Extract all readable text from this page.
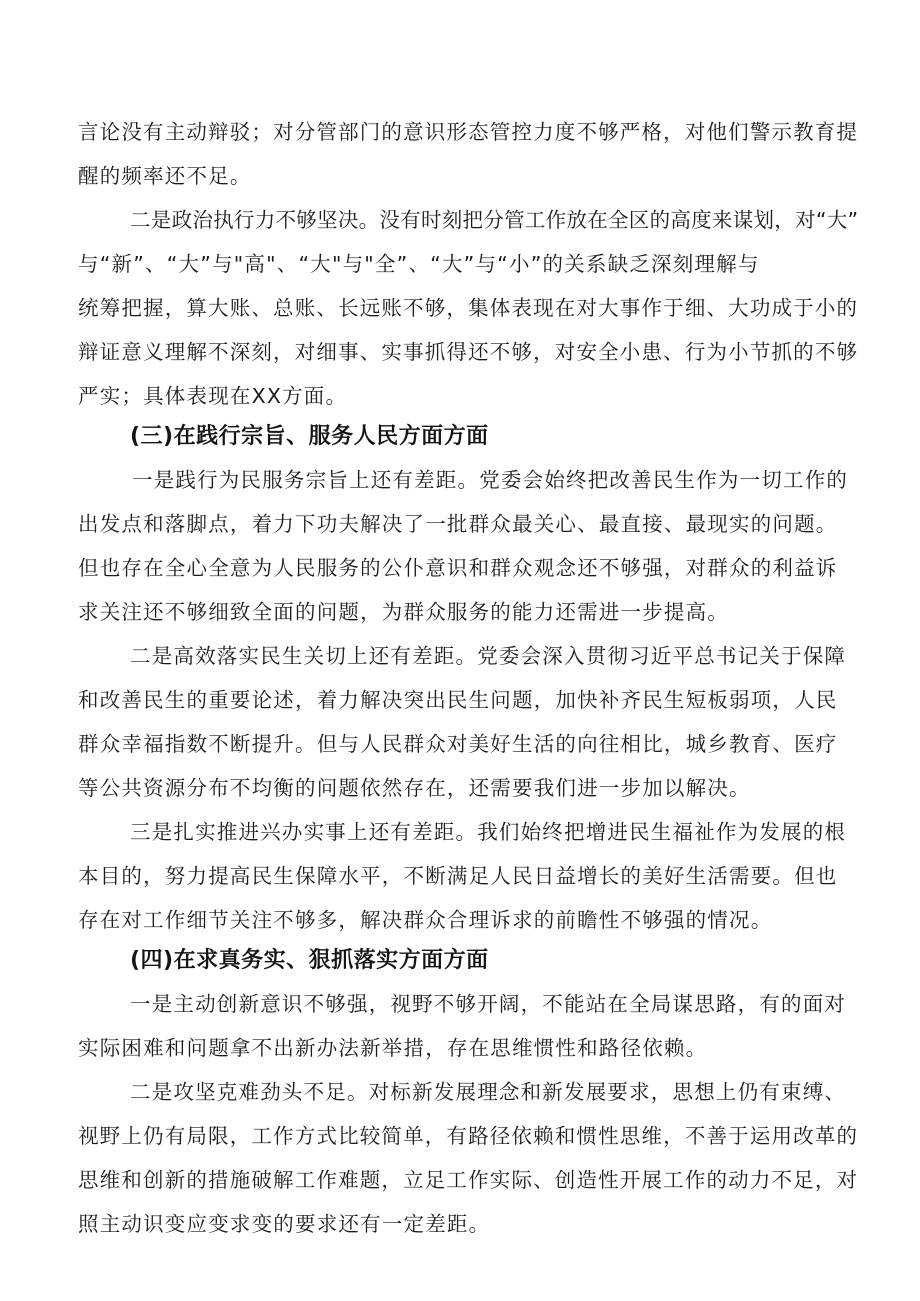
言论没有主动辩驳；对分管部门的意识形态管控力度不够严格，对他们警示教育提
醒的频率还不足。
二是政治执行力不够坚决。没有时刻把分管工作放在全区的高度来谋划，对“大”
与“新”、“大”与"高"、“大"与"全”、“大”与“小”的关系缺乏深刻理解与
统筹把握，算大账、总账、长远账不够，集体表现在对大事作于细、大功成于小的
辩证意义理解不深刻，对细事、实事抓得还不够，对安全小患、行为小节抓的不够
严实；具体表现在XX方面。
(三)在践行宗旨、服务人民方面方面
一是践行为民服务宗旨上还有差距。党委会始终把改善民生作为一切工作的
出发点和落脚点，着力下功夫解决了一批群众最关心、最直接、最现实的问题。
但也存在全心全意为人民服务的公仆意识和群众观念还不够强，对群众的利益诉
求关注还不够细致全面的问题，为群众服务的能力还需进一步提高。
二是高效落实民生关切上还有差距。党委会深入贯彻习近平总书记关于保障
和改善民生的重要论述，着力解决突出民生问题，加快补齐民生短板弱项，人民
群众幸福指数不断提升。但与人民群众对美好生活的向往相比，城乡教育、医疗
等公共资源分布不均衡的问题依然存在，还需要我们进一步加以解决。
三是扎实推进兴办实事上还有差距。我们始终把增进民生福祉作为发展的根
本目的，努力提高民生保障水平，不断满足人民日益增长的美好生活需要。但也
存在对工作细节关注不够多，解决群众合理诉求的前瞻性不够强的情况。
(四)在求真务实、狠抓落实方面方面
一是主动创新意识不够强，视野不够开阔，不能站在全局谋思路，有的面对
实际困难和问题拿不出新办法新举措，存在思维惯性和路径依赖。
二是攻坚克难劲头不足。对标新发展理念和新发展要求，思想上仍有束缚、
视野上仍有局限，工作方式比较简单，有路径依赖和惯性思维，不善于运用改革的
思维和创新的措施破解工作难题，立足工作实际、创造性开展工作的动力不足，对
照主动识变应变求变的要求还有一定差距。
